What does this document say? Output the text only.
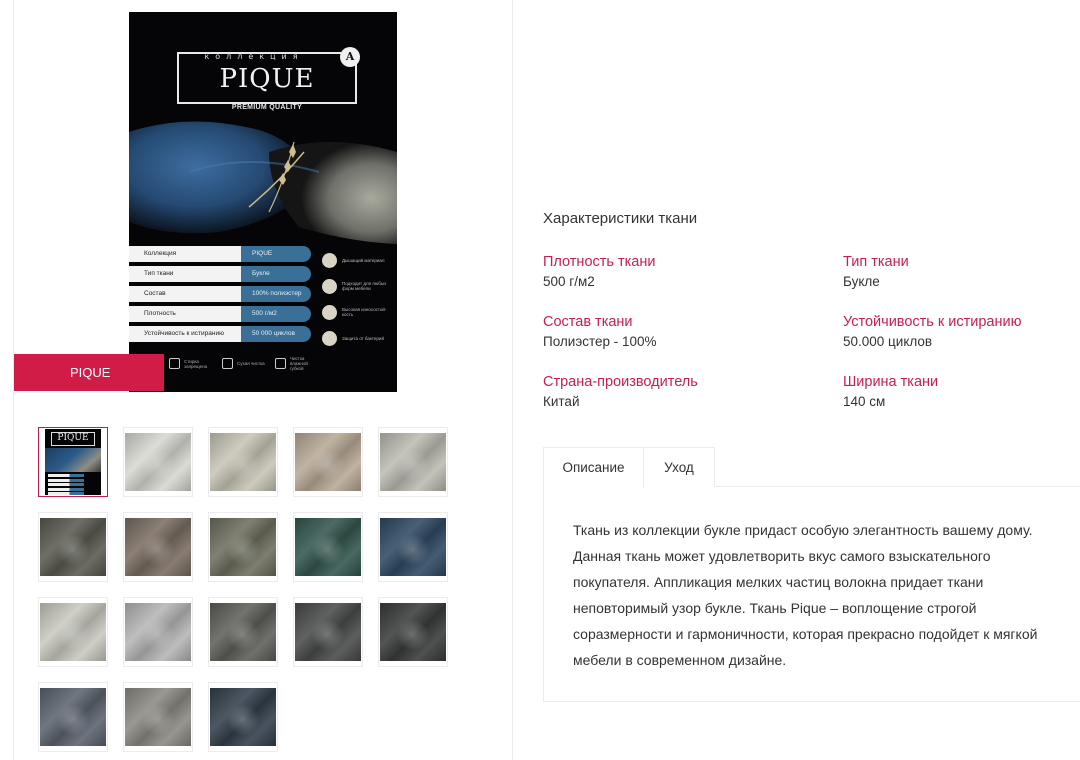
коллекция	A
PIQUE
PREMIUM QUALITY
Коллекция	PIQUE
Тип ткани	Букле
Состав	100% полиэстер
Плотность	500 г/м2
Устойчивость к истиранию	50 000 циклов
Дышащий материал
Подходит для любых форм мебели
Высокая износостой-кость
Защита от бактерий
Стирка запрещена	Сухая чистка
Чистка влажной губкой
PIQUE
PIQUE
Характеристики ткани
Плотность ткани
500 г/м2
Тип ткани
Букле
Состав ткани
Полиэстер - 100%
Устойчивость к истиранию
50.000 циклов
Страна-производитель
Китай
Ширина ткани
140 см
Описание	Уход
Ткань из коллекции букле придаст особую элегантность вашему дому. Данная ткань может удовлетворить вкус самого взыскательного покупателя. Аппликация мелких частиц волокна придает ткани неповторимый узор букле. Ткань Pique – воплощение строгой соразмерности и гармоничности, которая прекрасно подойдет к мягкой мебели в современном дизайне.
